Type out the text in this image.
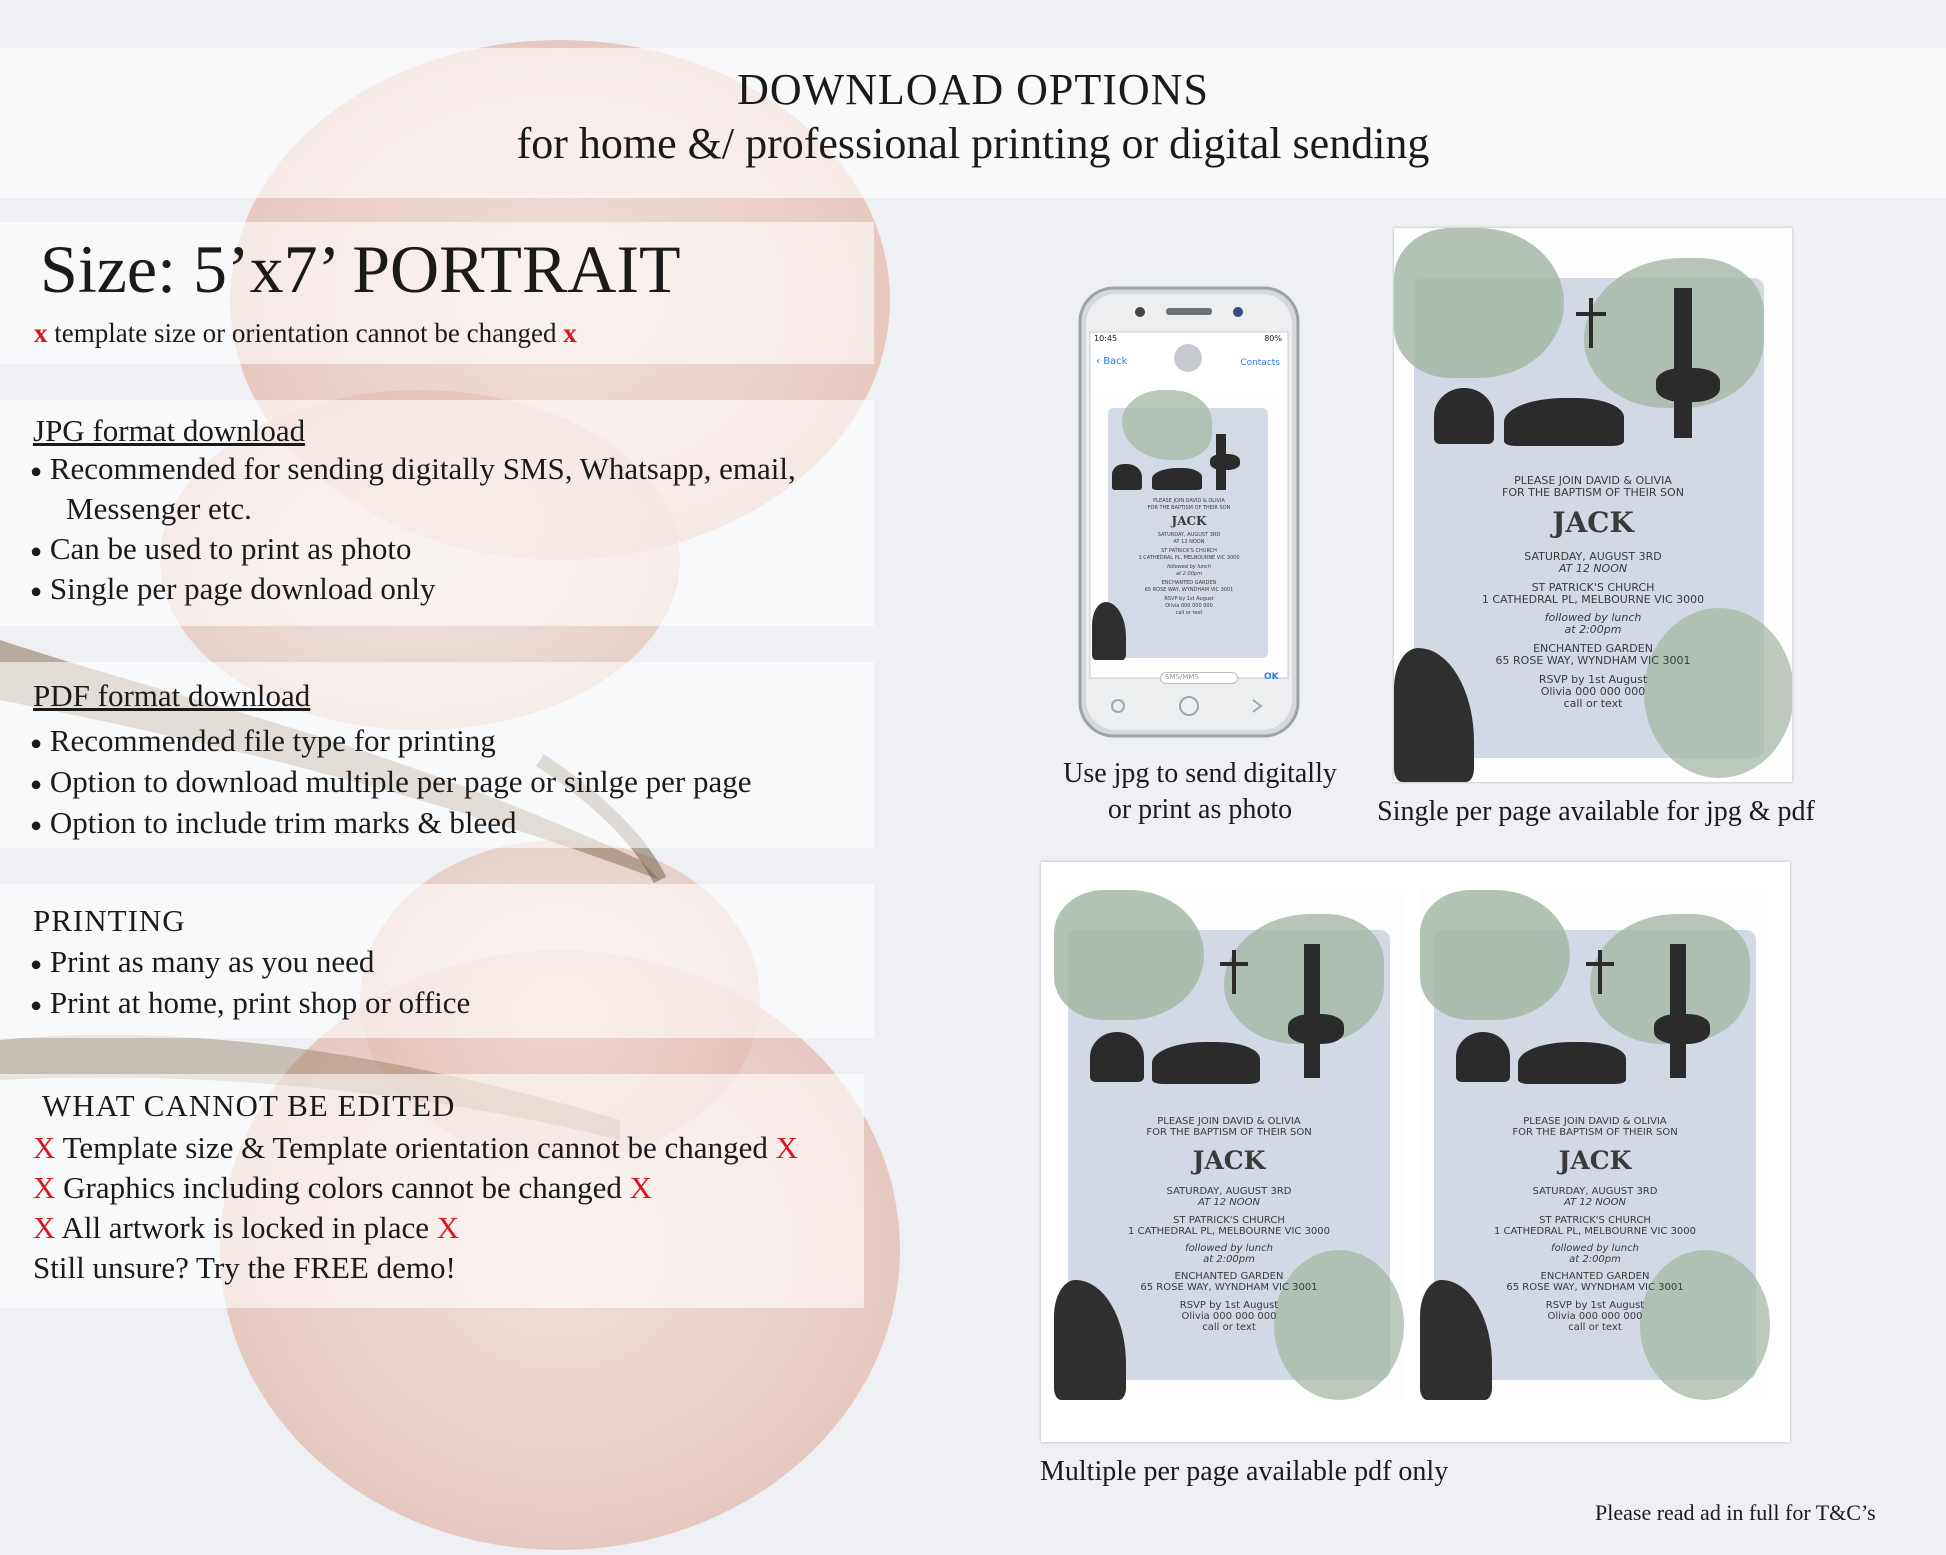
DOWNLOAD OPTIONS
for home &/ professional printing or digital sending
Size: 5’x7’ PORTRAIT
x template size or orientation cannot be changed x
JPG format download
● Recommended for sending digitally SMS, Whatsapp, email,
Messenger etc.
● Can be used to print as photo
● Single per page download only
PDF format download
● Recommended file type for printing
● Option to download multiple per page or sinlge per page
● Option to include trim marks & bleed
PRINTING
● Print as many as you need
● Print at home, print shop or office
WHAT CANNOT BE EDITED
X Template size & Template orientation cannot be changed X
X Graphics including colors cannot be changed X
X All artwork is locked in place X
Still unsure? Try the FREE demo!
10:45	80%
‹ Back	Contacts
PLEASE JOIN DAVID & OLIVIA
FOR THE BAPTISM OF THEIR SON
JACK
SATURDAY, AUGUST 3RD
AT 12 NOON
ST PATRICK'S CHURCH
1 CATHEDRAL PL, MELBOURNE VIC 3000
followed by lunch
at 2:00pm
ENCHANTED GARDEN
65 ROSE WAY, WYNDHAM VIC 3001
RSVP by 1st August
Olivia 000 000 000
call or text
SMS/MMS	OK
Use jpg to send digitally
or print as photo
PLEASE JOIN DAVID & OLIVIA
FOR THE BAPTISM OF THEIR SON
JACK
SATURDAY, AUGUST 3RD
AT 12 NOON
ST PATRICK'S CHURCH
1 CATHEDRAL PL, MELBOURNE VIC 3000
followed by lunch
at 2:00pm
ENCHANTED GARDEN
65 ROSE WAY, WYNDHAM VIC 3001
RSVP by 1st August
Olivia 000 000 000
call or text
Single per page available for jpg & pdf
PLEASE JOIN DAVID & OLIVIA
FOR THE BAPTISM OF THEIR SON
JACK
SATURDAY, AUGUST 3RD
AT 12 NOON
ST PATRICK'S CHURCH
1 CATHEDRAL PL, MELBOURNE VIC 3000
followed by lunch
at 2:00pm
ENCHANTED GARDEN
65 ROSE WAY, WYNDHAM VIC 3001
RSVP by 1st August
Olivia 000 000 000
call or text
PLEASE JOIN DAVID & OLIVIA
FOR THE BAPTISM OF THEIR SON
JACK
SATURDAY, AUGUST 3RD
AT 12 NOON
ST PATRICK'S CHURCH
1 CATHEDRAL PL, MELBOURNE VIC 3000
followed by lunch
at 2:00pm
ENCHANTED GARDEN
65 ROSE WAY, WYNDHAM VIC 3001
RSVP by 1st August
Olivia 000 000 000
call or text
Multiple per page available pdf only
Please read ad in full for T&C’s
